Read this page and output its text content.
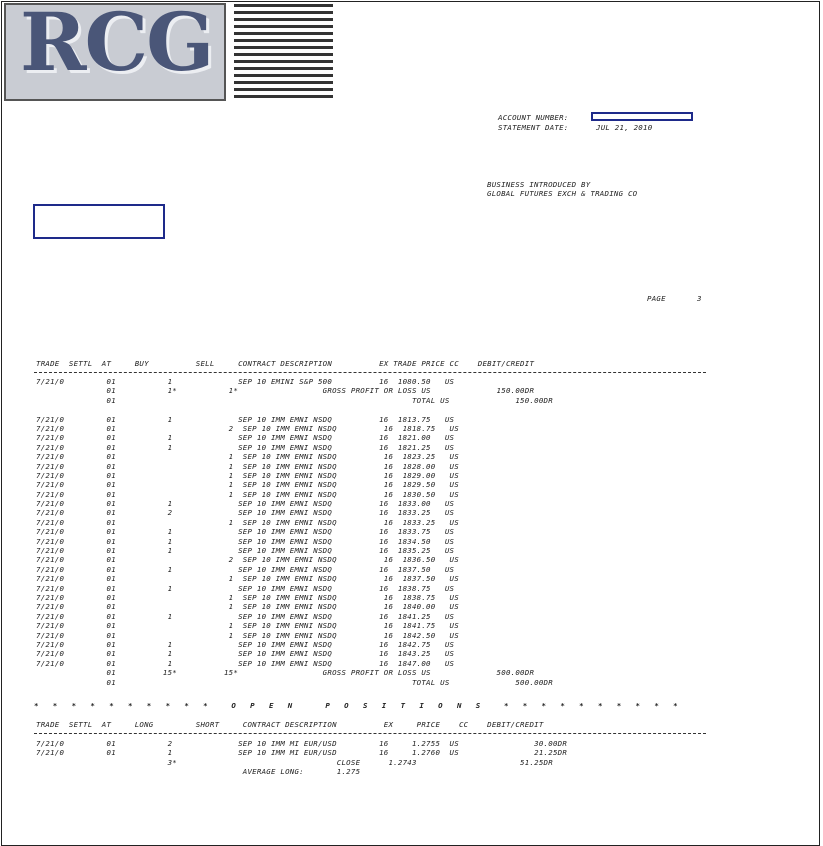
RCG
ACCOUNT NUMBER:
STATEMENT DATE:	JUL 21, 2010
BUSINESS INTRODUCED BY
GLOBAL FUTURES EXCH & TRADING CO
PAGE	3
TRADE  SETTL  AT     BUY          SELL     CONTRACT DESCRIPTION          EX TRADE PRICE CC    DEBIT/CREDIT
7/21/0         01           1              SEP 10 EMINI S&P 500          16  1080.50   US
01           1*           1*                  GROSS PROFIT OR LOSS US              150.00DR
01                                                               TOTAL US              150.00DR
7/21/0         01           1              SEP 10 IMM EMNI NSDQ          16  1813.75   US
7/21/0         01                        2  SEP 10 IMM EMNI NSDQ          16  1818.75   US
7/21/0         01           1              SEP 10 IMM EMNI NSDQ          16  1821.00   US
7/21/0         01           1              SEP 10 IMM EMNI NSDQ          16  1821.25   US
7/21/0         01                        1  SEP 10 IMM EMNI NSDQ          16  1823.25   US
7/21/0         01                        1  SEP 10 IMM EMNI NSDQ          16  1828.00   US
7/21/0         01                        1  SEP 10 IMM EMNI NSDQ          16  1829.00   US
7/21/0         01                        1  SEP 10 IMM EMNI NSDQ          16  1829.50   US
7/21/0         01                        1  SEP 10 IMM EMNI NSDQ          16  1830.50   US
7/21/0         01           1              SEP 10 IMM EMNI NSDQ          16  1833.00   US
7/21/0         01           2              SEP 10 IMM EMNI NSDQ          16  1833.25   US
7/21/0         01                        1  SEP 10 IMM EMNI NSDQ          16  1833.25   US
7/21/0         01           1              SEP 10 IMM EMNI NSDQ          16  1833.75   US
7/21/0         01           1              SEP 10 IMM EMNI NSDQ          16  1834.50   US
7/21/0         01           1              SEP 10 IMM EMNI NSDQ          16  1835.25   US
7/21/0         01                        2  SEP 10 IMM EMNI NSDQ          16  1836.50   US
7/21/0         01           1              SEP 10 IMM EMNI NSDQ          16  1837.50   US
7/21/0         01                        1  SEP 10 IMM EMNI NSDQ          16  1837.50   US
7/21/0         01           1              SEP 10 IMM EMNI NSDQ          16  1838.75   US
7/21/0         01                        1  SEP 10 IMM EMNI NSDQ          16  1838.75   US
7/21/0         01                        1  SEP 10 IMM EMNI NSDQ          16  1840.00   US
7/21/0         01           1              SEP 10 IMM EMNI NSDQ          16  1841.25   US
7/21/0         01                        1  SEP 10 IMM EMNI NSDQ          16  1841.75   US
7/21/0         01                        1  SEP 10 IMM EMNI NSDQ          16  1842.50   US
7/21/0         01           1              SEP 10 IMM EMNI NSDQ          16  1842.75   US
7/21/0         01           1              SEP 10 IMM EMNI NSDQ          16  1843.25   US
7/21/0         01           1              SEP 10 IMM EMNI NSDQ          16  1847.00   US
01          15*          15*                  GROSS PROFIT OR LOSS US              500.00DR
01                                                               TOTAL US              500.00DR
*   *   *   *   *   *   *   *   *   *     O   P   E   N       P   O   S   I   T   I   O   N   S     *   *   *   *   *   *   *   *   *   *
TRADE  SETTL  AT     LONG         SHORT     CONTRACT DESCRIPTION          EX     PRICE    CC    DEBIT/CREDIT
7/21/0         01           2              SEP 10 IMM MI EUR/USD         16     1.2755  US                30.00DR
7/21/0         01           1              SEP 10 IMM MI EUR/USD         16     1.2760  US                21.25DR
3*                                  CLOSE      1.2743                      51.25DR
AVERAGE LONG:       1.275
